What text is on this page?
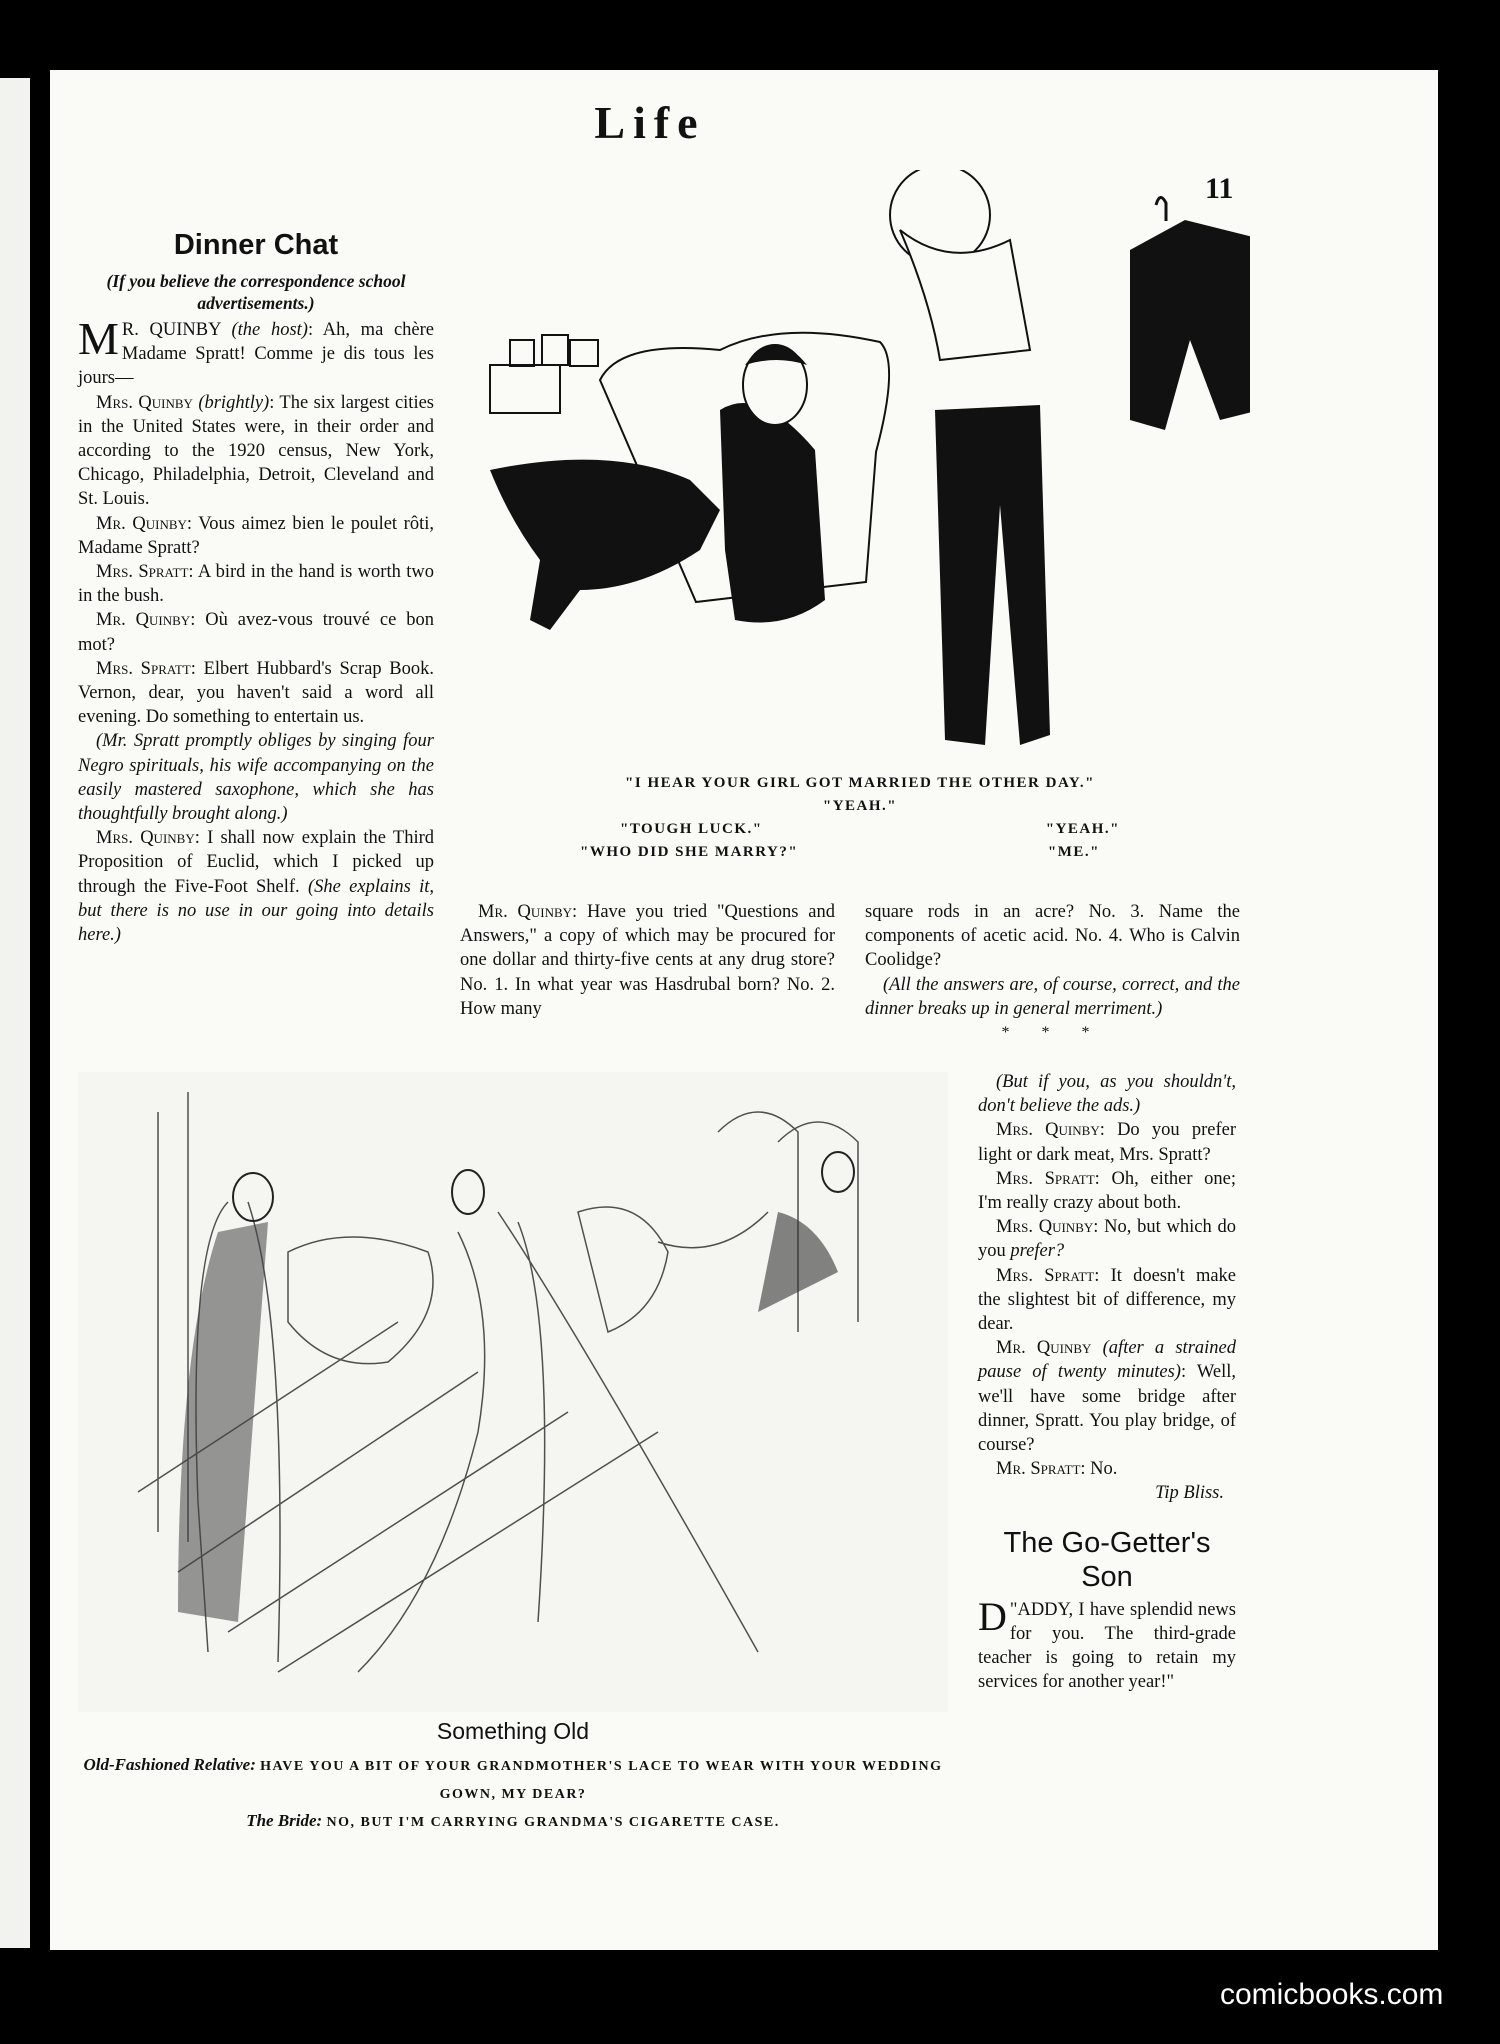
Life
11
Dinner Chat

(If you believe the correspondence school advertisements.)

M R. QUINBY (the host): Ah, ma chère Madame Spratt! Comme je dis tous les jours—

Mrs. Quinby (brightly): The six largest cities in the United States were, in their order and according to the 1920 census, New York, Chicago, Philadelphia, Detroit, Cleveland and St. Louis.

Mr. Quinby: Vous aimez bien le poulet rôti, Madame Spratt?

Mrs. Spratt: A bird in the hand is worth two in the bush.

Mr. Quinby: Où avez-vous trouvé ce bon mot?

Mrs. Spratt: Elbert Hubbard's Scrap Book. Vernon, dear, you haven't said a word all evening. Do something to entertain us.

(Mr. Spratt promptly obliges by singing four Negro spirituals, his wife accompanying on the easily mastered saxophone, which she has thoughtfully brought along.)

Mrs. Quinby: I shall now explain the Third Proposition of Euclid, which I picked up through the Five-Foot Shelf. (She explains it, but there is no use in our going into details here.)

"I HEAR YOUR GIRL GOT MARRIED THE OTHER DAY."
"YEAH."
"TOUGH LUCK."	"YEAH."
"WHO DID SHE MARRY?"	"ME."

Mr. Quinby: Have you tried "Questions and Answers," a copy of which may be procured for one dollar and thirty-five cents at any drug store? No. 1. In what year was Hasdrubal born? No. 2. How many

square rods in an acre? No. 3. Name the components of acetic acid. No. 4. Who is Calvin Coolidge?

(All the answers are, of course, correct, and the dinner breaks up in general merriment.)

* * *

Something Old
Old-Fashioned Relative: HAVE YOU A BIT OF YOUR GRANDMOTHER'S LACE TO WEAR WITH YOUR WEDDING GOWN, MY DEAR?
The Bride: NO, BUT I'M CARRYING GRANDMA'S CIGARETTE CASE.

(But if you, as you shouldn't, don't believe the ads.)

Mrs. Quinby: Do you prefer light or dark meat, Mrs. Spratt?

Mrs. Spratt: Oh, either one; I'm really crazy about both.

Mrs. Quinby: No, but which do you prefer?

Mrs. Spratt: It doesn't make the slightest bit of difference, my dear.

Mr. Quinby (after a strained pause of twenty minutes): Well, we'll have some bridge after dinner, Spratt. You play bridge, of course?

Mr. Spratt: No.

Tip Bliss.

The Go-Getter's Son

"
D ADDY, I have splendid news for you. The third-grade teacher is going to retain my services for another year!"

comicbooks.com
